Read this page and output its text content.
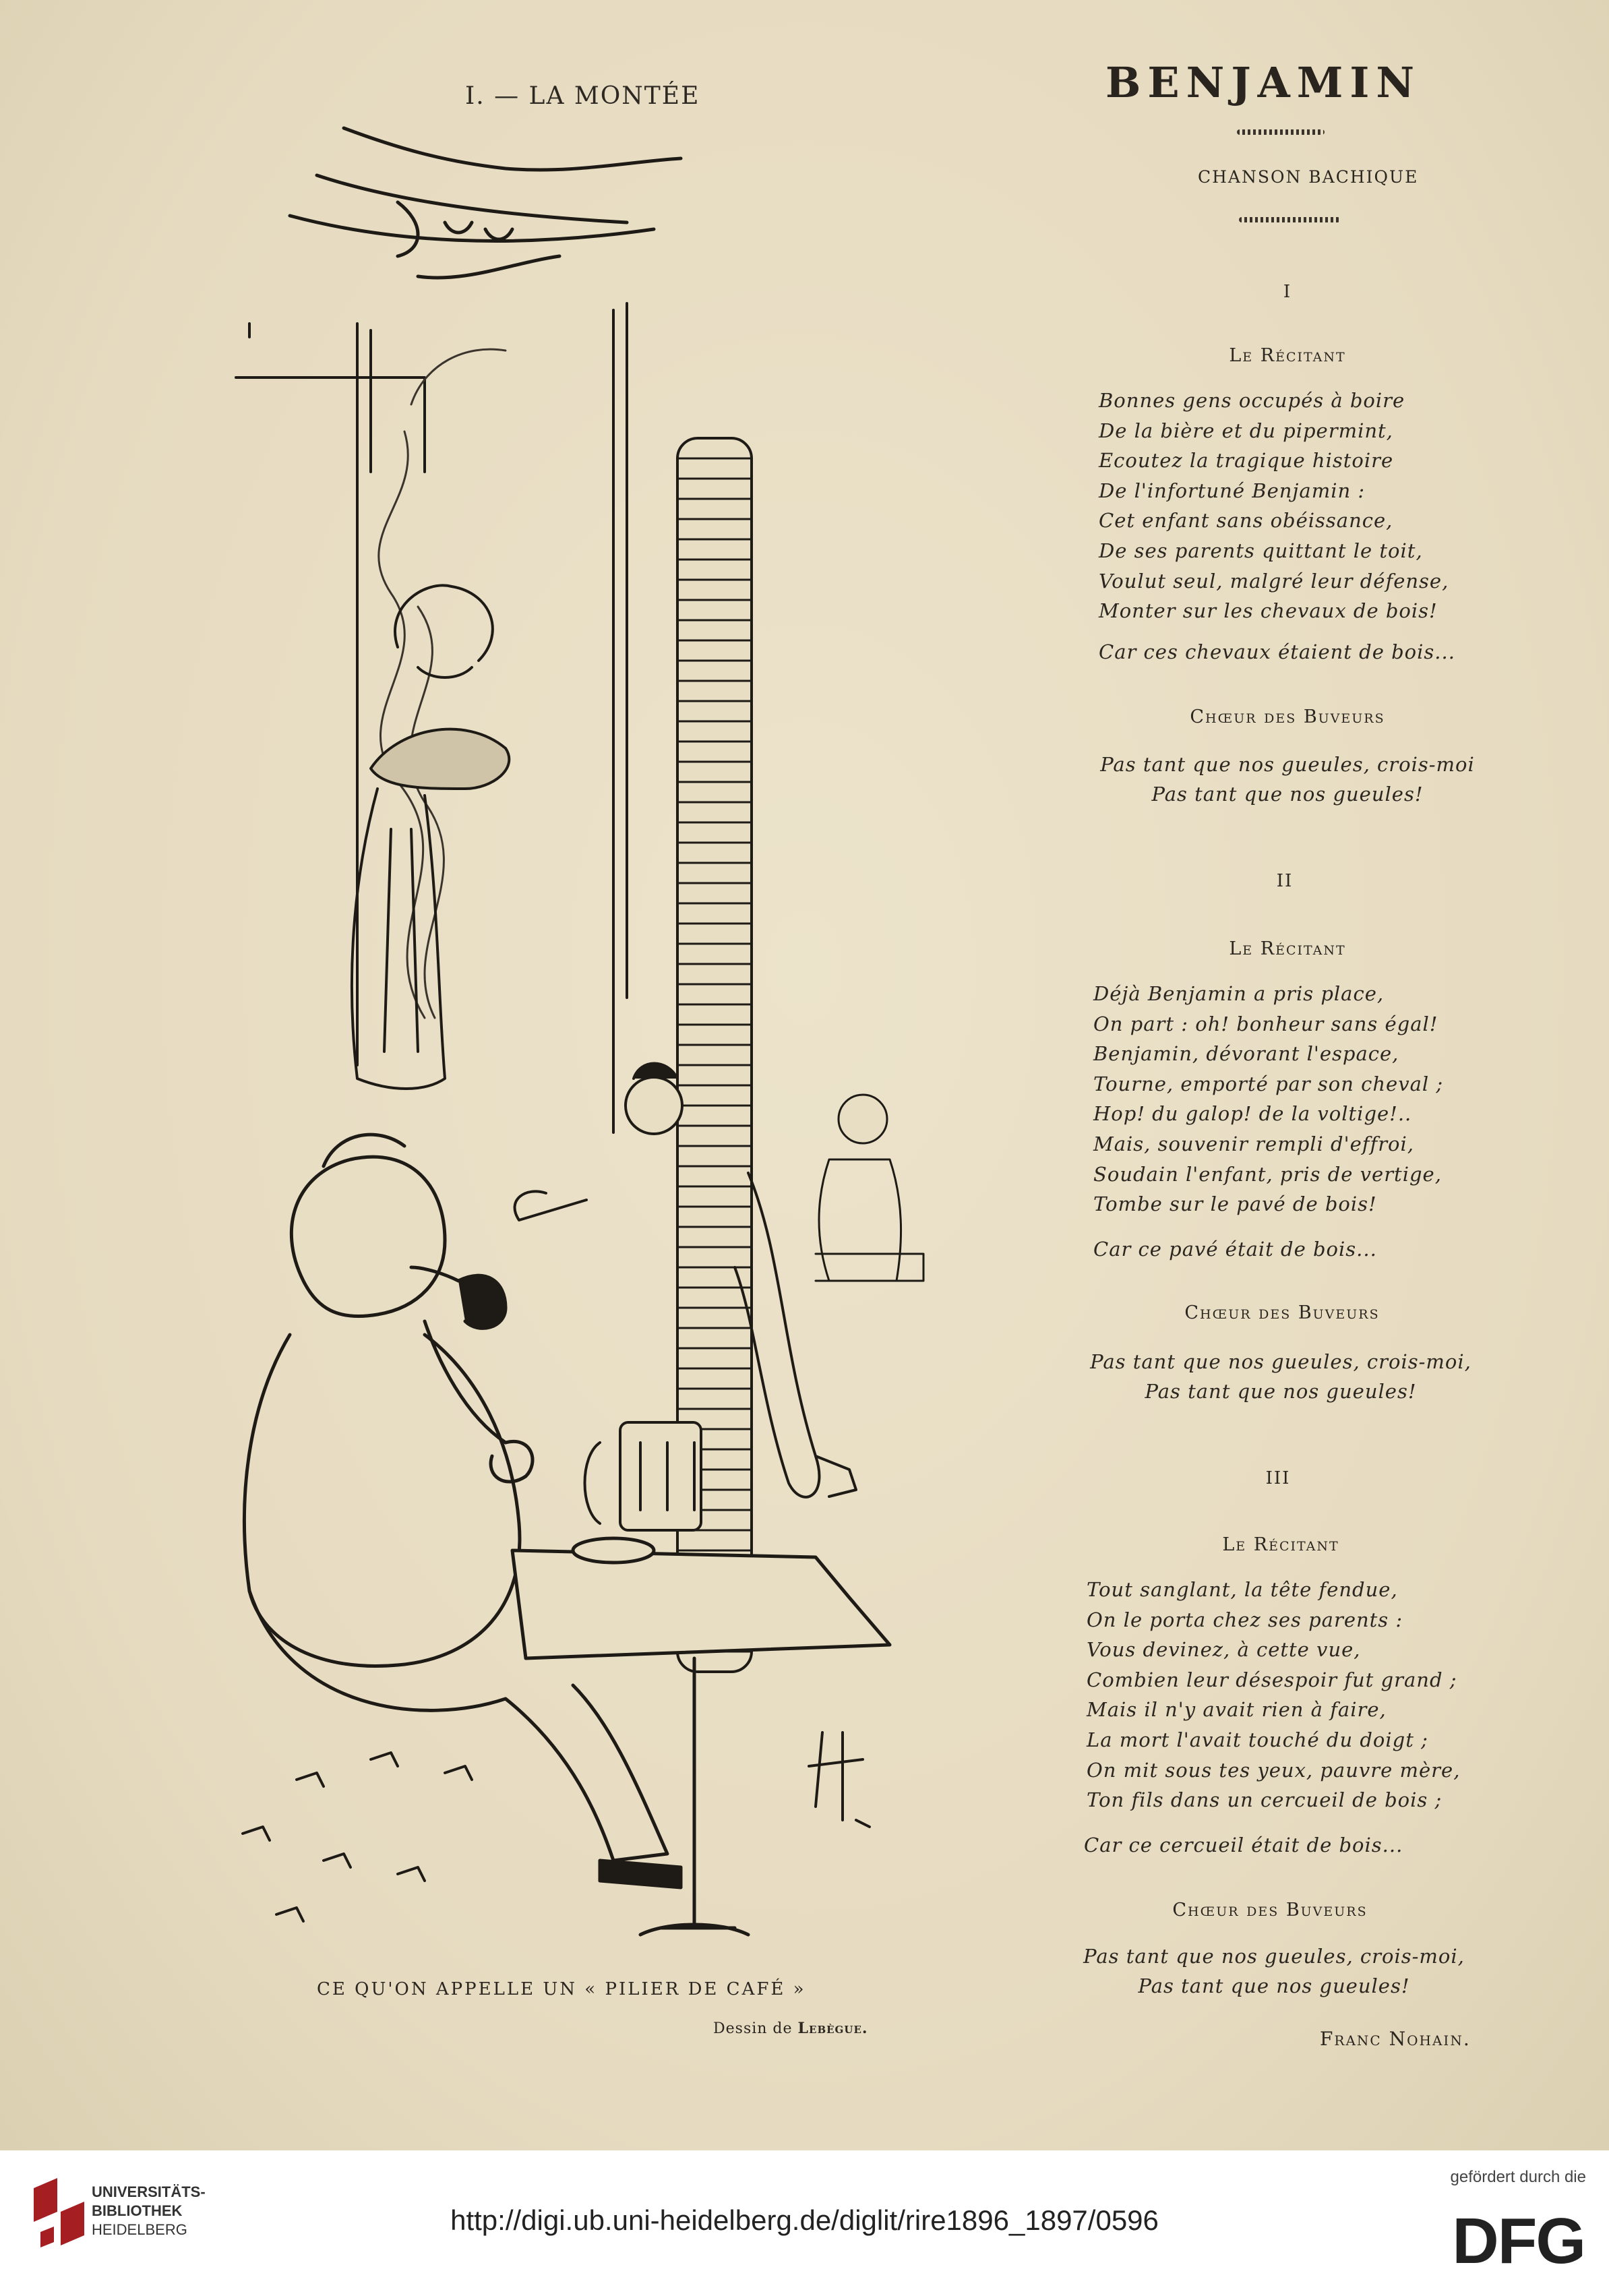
I. — LA MONTÉE
CE QU'ON APPELLE UN « PILIER DE CAFÉ »
Dessin de Lebègue.
BENJAMIN
CHANSON BACHIQUE
I
Le Récitant
Bonnes gens occupés à boire
De la bière et du pipermint,
Ecoutez la tragique histoire
De l'infortuné Benjamin :
Cet enfant sans obéissance,
De ses parents quittant le toit,
Voulut seul, malgré leur défense,
Monter sur les chevaux de bois!
Car ces chevaux étaient de bois...
Chœur des Buveurs
Pas tant que nos gueules, crois-moi
Pas tant que nos gueules!
II
Le Récitant
Déjà Benjamin a pris place,
On part : oh! bonheur sans égal!
Benjamin, dévorant l'espace,
Tourne, emporté par son cheval ;
Hop! du galop! de la voltige!..
Mais, souvenir rempli d'effroi,
Soudain l'enfant, pris de vertige,
Tombe sur le pavé de bois!
Car ce pavé était de bois...
Chœur des Buveurs
Pas tant que nos gueules, crois-moi,
Pas tant que nos gueules!
III
Le Récitant
Tout sanglant, la tête fendue,
On le porta chez ses parents :
Vous devinez, à cette vue,
Combien leur désespoir fut grand ;
Mais il n'y avait rien à faire,
La mort l'avait touché du doigt ;
On mit sous tes yeux, pauvre mère,
Ton fils dans un cercueil de bois ;
Car ce cercueil était de bois...
Chœur des Buveurs
Pas tant que nos gueules, crois-moi,
Pas tant que nos gueules!
Franc Nohain.
UNIVERSITÄTS-
BIBLIOTHEK
HEIDELBERG	http://digi.ub.uni-heidelberg.de/diglit/rire1896_1897/0596
gefördert durch die
DFG
